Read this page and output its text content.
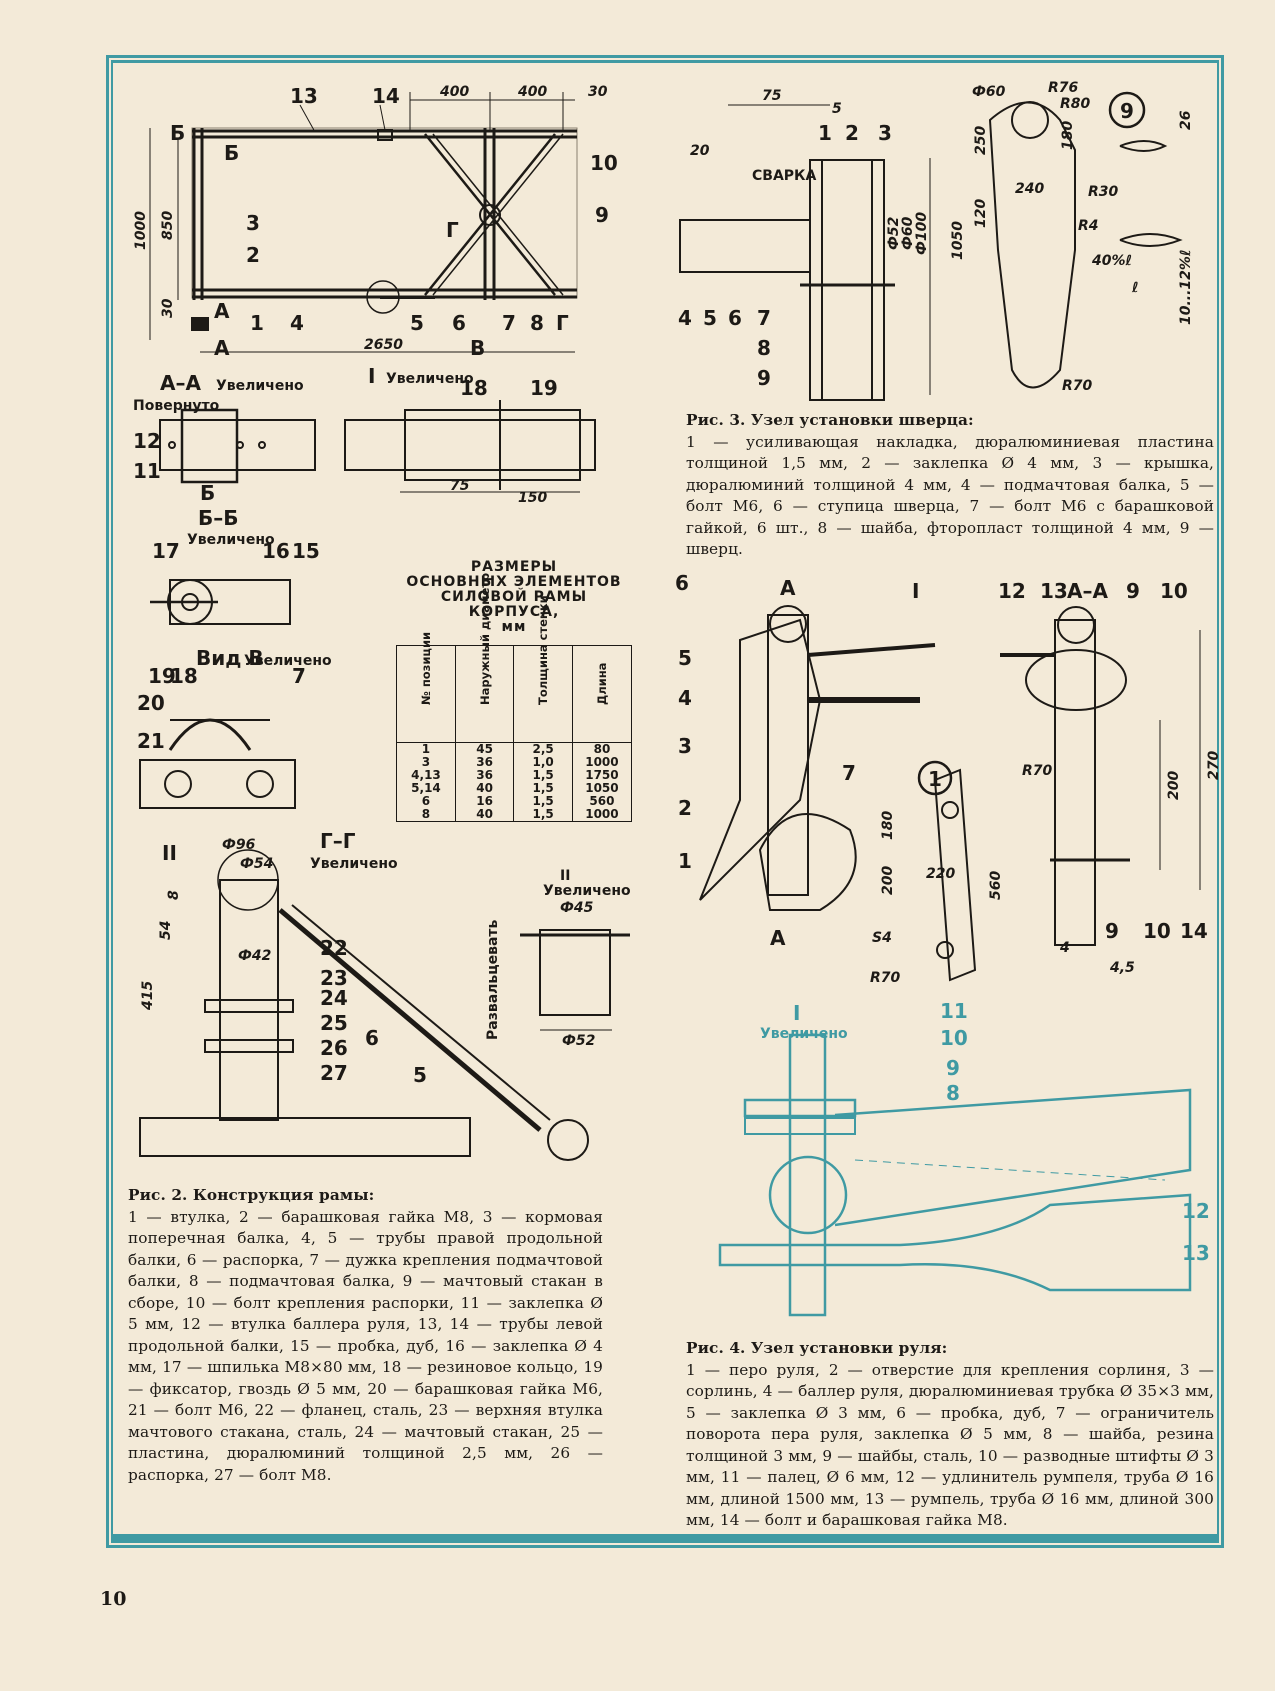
13	14
10
9
3
2
1 4	5 6 7 8
12
11
18 19
17	16 15
19
18	7
20
21
22
23
24
25
26
27
6
5
А–А Увеличено
Повернуто
I Увеличено
Б–Б
Увеличено
Вид В
Увеличено
Г–Г
Увеличено
II
II
Увеличено
Развальцевать
Б
Б
А
А	В
Г
Г
Б
400	400	30
1000 850
30
2650
75
150
Ф96
Ф54
Ф42
8
54
415
Ф45
Ф52
СВАРКА
1 2 3
4 5 6 7
8
9
75
5
20
Ф52
Ф60
Ф100 1050
Ф60	R76
R80
250	180
120
240	R30
R4
40%ℓ
ℓ
26
10...12%ℓ
R70
9
6
5
4
3
2
1
7
12 13	9 10
9 10 14
А–А
I
А
А
1	R70	270
200
180
200 220 560
S4
R70
4
4,5
I
Увеличено
11
10
9
8
12
13
РАЗМЕРЫ
ОСНОВНЫХ ЭЛЕМЕНТОВ
СИЛОВОЙ РАМЫ КОРПУСА,
мм
№ позиции	Наружный диаметр	Толщина стенки	Длина
1	45	2,5	80
3	36	1,0	1000
4,13	36	1,5	1750
5,14	40	1,5	1050
6	16	1,5	560
8	40	1,5	1000
Рис. 2. Конструкция рамы:
1 — втулка, 2 — барашковая гайка М8, 3 — кормовая поперечная балка, 4, 5 — трубы правой продольной балки, 6 — распорка, 7 — дужка крепления подмачтовой балки, 8 — подмачтовая балка, 9 — мачтовый стакан в сборе, 10 — болт крепления распорки, 11 — заклепка Ø 5 мм, 12 — втулка баллера руля, 13, 14 — трубы левой продольной балки, 15 — пробка, дуб, 16 — заклепка Ø 4 мм, 17 — шпилька М8×80 мм, 18 — резиновое кольцо, 19 — фиксатор, гвоздь Ø 5 мм, 20 — барашковая гайка М6, 21 — болт М6, 22 — фланец, сталь, 23 — верхняя втулка мачтового стакана, сталь, 24 — мачтовый стакан, 25 — пластина, дюралюминий толщиной 2,5 мм, 26 — распорка, 27 — болт М8.
Рис. 3. Узел установки шверца:
1 — усиливающая накладка, дюралюминиевая пластина толщиной 1,5 мм, 2 — заклепка Ø 4 мм, 3 — крышка, дюралюминий толщиной 4 мм, 4 — подмачтовая балка, 5 — болт М6, 6 — ступица шверца, 7 — болт М6 с барашковой гайкой, 6 шт., 8 — шайба, фторопласт толщиной 4 мм, 9 — шверц.
Рис. 4. Узел установки руля:
1 — перо руля, 2 — отверстие для крепления сорлиня, 3 — сорлинь, 4 — баллер руля, дюралюминиевая трубка Ø 35×3 мм, 5 — заклепка Ø 3 мм, 6 — пробка, дуб, 7 — ограничитель поворота пера руля, заклепка Ø 5 мм, 8 — шайба, резина толщиной 3 мм, 9 — шайбы, сталь, 10 — разводные штифты Ø 3 мм, 11 — палец, Ø 6 мм, 12 — удлинитель румпеля, труба Ø 16 мм, длиной 1500 мм, 13 — румпель, труба Ø 16 мм, длиной 300 мм, 14 — болт и барашковая гайка М8.
10
